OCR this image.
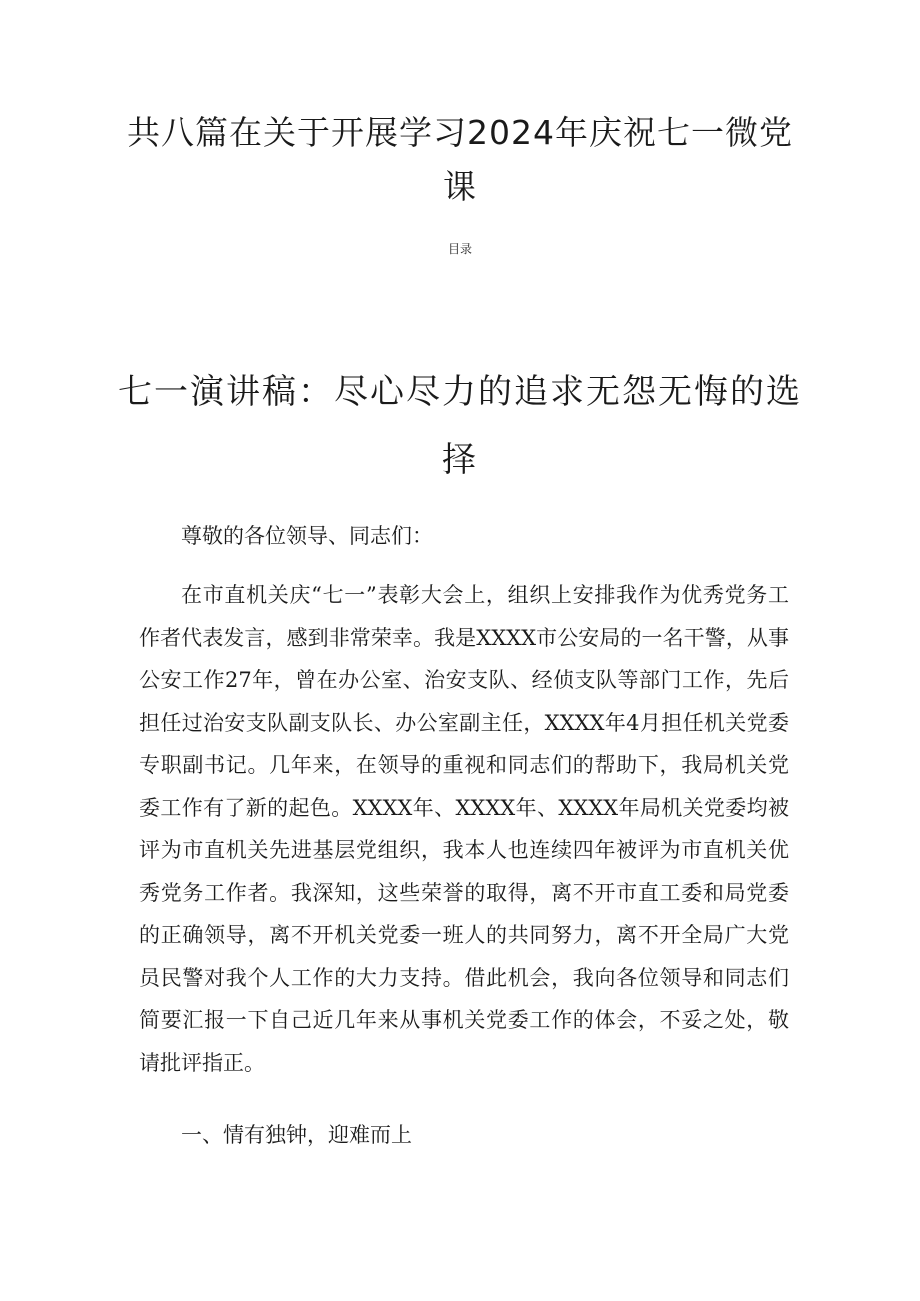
共八篇在关于开展学习2024年庆祝七一微党课
目录
七一演讲稿：尽心尽力的追求无怨无悔的选择

尊敬的各位领导、同志们：

在市直机关庆“七一”表彰大会上，组织上安排我作为优秀党务工作者代表发言，感到非常荣幸。我是XXXX市公安局的一名干警，从事公安工作27年，曾在办公室、治安支队、经侦支队等部门工作，先后担任过治安支队副支队长、办公室副主任，XXXX年4月担任机关党委专职副书记。几年来，在领导的重视和同志们的帮助下，我局机关党委工作有了新的起色。XXXX年、XXXX年、XXXX年局机关党委均被评为市直机关先进基层党组织，我本人也连续四年被评为市直机关优秀党务工作者。我深知，这些荣誉的取得，离不开市直工委和局党委的正确领导，离不开机关党委一班人的共同努力，离不开全局广大党员民警对我个人工作的大力支持。借此机会，我向各位领导和同志们简要汇报一下自己近几年来从事机关党委工作的体会，不妥之处，敬请批评指正。

一、情有独钟，迎难而上
